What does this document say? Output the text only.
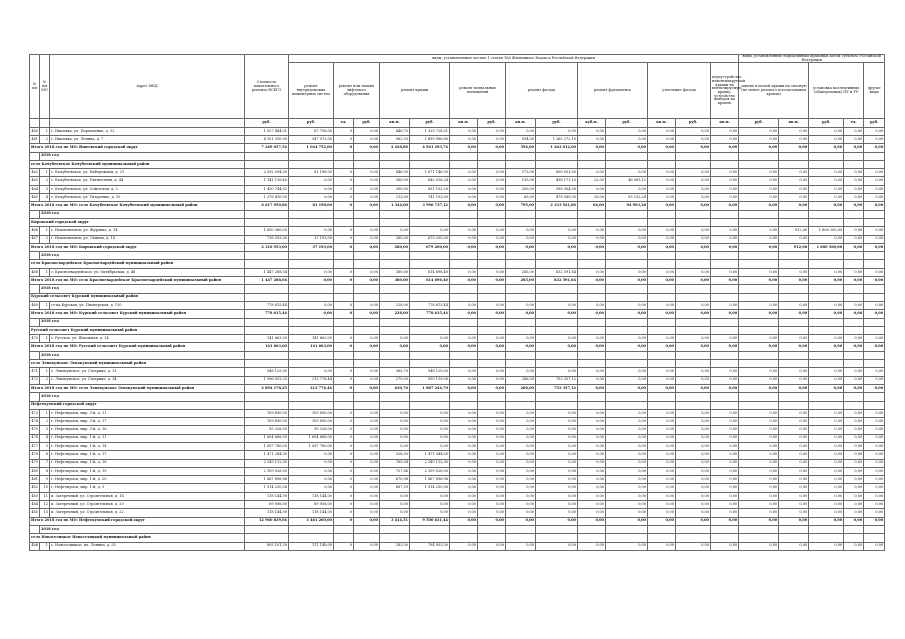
№ п/п	№ п/п МО	Адрес МКД	Стоимость капитального ремонта ВСЕГО	виды, установленные частью 1 статьи 166 Жилищного Кодекса Российской Федерации														виды, установленные нормативным правовым актом субъекта Российской Федерации					
				ремонт внутридомовых инженерных систем	ремонт или замена лифтового оборудования		ремонт крыши		ремонт подвальных помещений		ремонт фасада		ремонт фундамента		утепление фасада		переустройство невентилируемой крыши на вентилируемую крышу, устройство выходов на кровлю	замена плоской крыши на скатную (не менее разового использования кровли)		установка коллективных (общедомовых) ПУ и УУ		другие виды	
			руб.	руб.	ед.	руб.	кв.м.	руб.	кв.м.	руб.	кв.м.	руб.	куб.м.	руб.	кв.м.	руб.	кв.м.	руб.	кв.м.	руб.	ед.	руб.	
460	1	г. Ишеевка, ул. Пархоменко, д. 32	1 027 444,51	67 758,00	0	0,00	446,75	1 329 726,51	0,00	0,00	0,00	0,00	0,00	0,00	0,00	0,00	0,00	0,00	0,00	0,00	0,00	0,00	
461	2	г. Ишеевка, ул. Ленина, д. 7	4 101 330,90	347 072,00	0	0,00	982,93	1 899 986,80	0,00	0,00	594,00	1 265 272,10	0,00	0,00	0,00	0,00	0,00	0,00	0,00	0,00	0,00	0,00	
Итого 2018 год по МО: Ишеевский городской округ			7 249 057,54	1 044 752,00	0	0,00	2 428,80	4 941 293,74	0,00	0,00	594,00	1 263 012,00	0,00	0,00	0,00	0,00	0,00	0,00	0,00	0,00	0,00	0,00	
	2018 год																						
село Кочубеевское Кочубеевский муниципальный район																							
462	1	с. Кочубеевское, ул. Набережная, д. 21	2 592 594,00	81 198,00	0	0,00	446,00	1 671 146,00	0,00	0,00	373,00	800 051,50	0,00	0,00	0,00	0,00	0,00	0,00	0,00	0,00	0,00	0,00	
463	2	с. Кочубеевское, ул. Пятилетняя, д. 44	1 141 116,40	0,00	0	0,00	380,00	642 016,24	0,00	0,00	155,00	498 171,10	22,00	46 905,12	0,00	0,00	0,00	0,00	0,00	0,00	0,00	0,00	
464	3	с. Кочубеевское, ул. Советская, д. 3	1 430 744,02	0,00	0	0,00	300,00	831 103,20	0,00	0,00	200,00	599 304,00	0,00	0,00	0,00	0,00	0,00	0,00	0,00	0,00	0,00	0,00	
465	4	с. Кочубеевское, ул. Титаренко, д. 10	1 376 410,00	0,00	0	0,00	213,00	741 193,00	0,00	0,00	65,00	479 589,30	20,00	93 232,24	0,00	0,00	0,00	0,00	0,00	0,00	0,00	0,00	
Итого 2018 год по МО: село Кочубеевское Кочубеевский муниципальный район			6 617 950,86	81 198,00	0	0,00	1 344,00	3 996 737,12	0,00	0,00	795,00	2 333 921,86	64,00	94 993,28	0,00	0,00	0,00	0,00	0,00	0,00	0,00	0,00	
	2018 год																						
Кировский городской округ																							
466	1	г. Новопавловск, ул. Журавко, д. 14	1 650 360,00	0,00	0	0,00	0,00	0,00	0,00	0,00	0,00	0,00	0,00	0,00	0,00	0,00	0,00	0,00	912,00	1 600 200,00	0,00	0,00	
467	2	г. Новопавловск, ул. Ленина, д. 18	716 593,00	37 193,00	0	0,00	280,00	679 200,00	0,00	0,00	0,00	0,00	0,00	0,00	0,00	0,00	0,00	0,00	0,00	0,00	0,00	0,00	
Итого 2018 год по МО: Кировский городской округ			2 316 953,00	37 193,00	0	0,00	280,00	679 200,00	0,00	0,00	0,00	0,00	0,00	0,00	0,00	0,00	0,00	0,00	912,00	1 600 560,00	0,00	0,00	
	2018 год																						
село Красногвардейское Красногвардейский муниципальный район																							
468	1	с. Красногвардейское, ул. Октябрьская, д. 48	1 447 288,04	0,00	0	0,00	380,00	614 696,40	0,00	0,00	285,00	832 591,64	0,00	0,00	0,00	0,00	0,00	0,00	0,00	0,00	0,00	0,00	
Итого 2018 год по МО: село Красногвардейское Красногвардейский муниципальный район			1 447 288,04	0,00	0	0,00	380,00	614 696,40	0,00	0,00	285,00	832 591,64	0,00	0,00	0,00	0,00	0,00	0,00	0,00	0,00	0,00	0,00	
	2018 год																						
Курский сельсовет Курский муниципальный район																							
469	1	ст-ца Курская, ул. Пионерская, д. 130	778 615,44	0,00	0	0,00	228,00	778 615,44	0,00	0,00	0,00	0,00	0,00	0,00	0,00	0,00	0,00	0,00	0,00	0,00	0,00	0,00	
Итого 2018 год по МО: Курский сельсовет Курский муниципальный район			778 615,44	0,00	0	0,00	228,00	778 615,44	0,00	0,00	0,00	0,00	0,00	0,00	0,00	0,00	0,00	0,00	0,00	0,00	0,00	0,00	
	2018 год																						
Русский сельсовет Курский муниципальный район																							
470	1	с. Русское, ул. Школьная, д. 24	141 663,00	141 663,00	0	0,00	0,00	0,00	0,00	0,00	0,00	0,00	0,00	0,00	0,00	0,00	0,00	0,00	0,00	0,00	0,00	0,00	
Итого 2018 год по МО: Русский сельсовет Курский муниципальный район			141 663,00	141 663,00	0	0,00	0,00	0,00	0,00	0,00	0,00	0,00	0,00	0,00	0,00	0,00	0,00	0,00	0,00	0,00	0,00	0,00	
	2018 год																						
село Левокумское Левокумский муниципальный район																							
471	1	с. Левокумское, ул. Гагарина, д. 31	948 125,00	0,00	0	0,00	365,70	948 125,00	0,00	0,00	0,00	0,00	0,00	0,00	0,00	0,00	0,00	0,00	0,00	0,00	0,00	0,00	
472	2	с. Левокумское, ул. Гагарина, д. 34	1 996 053,25	213 776,44	0	0,00	275,00	939 119,56	0,00	0,00	286,00	753 357,12	0,00	0,00	0,00	0,00	0,00	0,00	0,00	0,00	0,00	0,00	
Итого 2018 год по МО: село Левокумское Левокумский муниципальный район			2 894 178,25	213 776,44	0	0,00	630,70	1 887 244,70	0,00	0,00	286,00	753 357,12	0,00	0,00	0,00	0,00	0,00	0,00	0,00	0,00	0,00	0,00	
	2018 год																						
Нефтекумский городской округ																							
473	1	г. Нефтекумск, мкр. 3-й, д. 11	159 690,00	159 690,00	0	0,00	0,00	0,00	0,00	0,00	0,00	0,00	0,00	0,00	0,00	0,00	0,00	0,00	0,00	0,00	0,00	0,00	
474	2	г. Нефтекумск, мкр. 3-й, д. 17	159 690,00	159 690,00	0	0,00	0,00	0,00	0,00	0,00	0,00	0,00	0,00	0,00	0,00	0,00	0,00	0,00	0,00	0,00	0,00	0,00	
475	3	г. Нефтекумск, мкр. 3-й, д. 16	95 326,00	95 326,00	0	0,00	0,00	0,00	0,00	0,00	0,00	0,00	0,00	0,00	0,00	0,00	0,00	0,00	0,00	0,00	0,00	0,00	
476	4	г. Нефтекумск, мкр. 1-й, д. 11	1 604 686,00	1 604 686,00	0	0,00	0,00	0,00	0,00	0,00	0,00	0,00	0,00	0,00	0,00	0,00	0,00	0,00	0,00	0,00	0,00	0,00	
477	5	г. Нефтекумск, мкр. 1-й, д. 14	1 097 780,00	1 097 780,00	0	0,00	0,00	0,00	0,00	0,00	0,00	0,00	0,00	0,00	0,00	0,00	0,00	0,00	0,00	0,00	0,00	0,00	
478	6	г. Нефтекумск, мкр. 1-й, д. 17	1 471 344,00	0,00	0	0,00	528,50	1 471 344,00	0,00	0,00	0,00	0,00	0,00	0,00	0,00	0,00	0,00	0,00	0,00	0,00	0,00	0,00	
479	7	г. Нефтекумск, мкр. 1-й, д. 18	2 149 112,90	0,00	0	0,00	769,54	2 149 112,90	0,00	0,00	0,00	0,00	0,00	0,00	0,00	0,00	0,00	0,00	0,00	0,00	0,00	0,00	
480	8	г. Нефтекумск, мкр. 1-й, д. 19	2 109 026,00	0,00	0	0,00	757,86	2 109 026,00	0,00	0,00	0,00	0,00	0,00	0,00	0,00	0,00	0,00	0,00	0,00	0,00	0,00	0,00	
481	9	г. Нефтекумск, мкр. 1-й, д. 20	1 867 896,96	0,00	0	0,00	670,98	1 867 896,96	0,00	0,00	0,00	0,00	0,00	0,00	0,00	0,00	0,00	0,00	0,00	0,00	0,00	0,00	
482	10	г. Нефтекумск, мкр. 1-й, д. 3	1 914 250,56	0,00	0	0,00	687,59	1 914 250,56	0,00	0,00	0,00	0,00	0,00	0,00	0,00	0,00	0,00	0,00	0,00	0,00	0,00	0,00	
483	11	п. Затеречный, ул. Строительная, д. 18	118 144,00	118 144,00	0	0,00	0,00	0,00	0,00	0,00	0,00	0,00	0,00	0,00	0,00	0,00	0,00	0,00	0,00	0,00	0,00	0,00	
484	12	п. Затеречный, ул. Строительная, д. 20	89 956,00	89 956,00	0	0,00	0,00	0,00	0,00	0,00	0,00	0,00	0,00	0,00	0,00	0,00	0,00	0,00	0,00	0,00	0,00	0,00	
485	13	п. Затеречный, ул. Строительная, д. 22	118 144,00	118 144,00	0	0,00	0,00	0,00	0,00	0,00	0,00	0,00	0,00	0,00	0,00	0,00	0,00	0,00	0,00	0,00	0,00	0,00	
Итого 2018 год по МО: Нефтекумский городской округ			12 960 839,04	3 461 260,00	0	0,00	3 414,51	9 500 631,44	0,00	0,00	0,00	0,00	0,00	0,00	0,00	0,00	0,00	0,00	0,00	0,00	0,00	0,00	
	2018 год																						
село Новоселицкое Новоселицкий муниципальный район																							
486	1	с. Новоселицкое, пл. Ленина, д. 55	805 101,30	111 148,00	0	0,00	283,00	794 953,30	0,00	0,00	0,00	0,00	0,00	0,00	0,00	0,00	0,00	0,00	0,00	0,00	0,00	0,00	
